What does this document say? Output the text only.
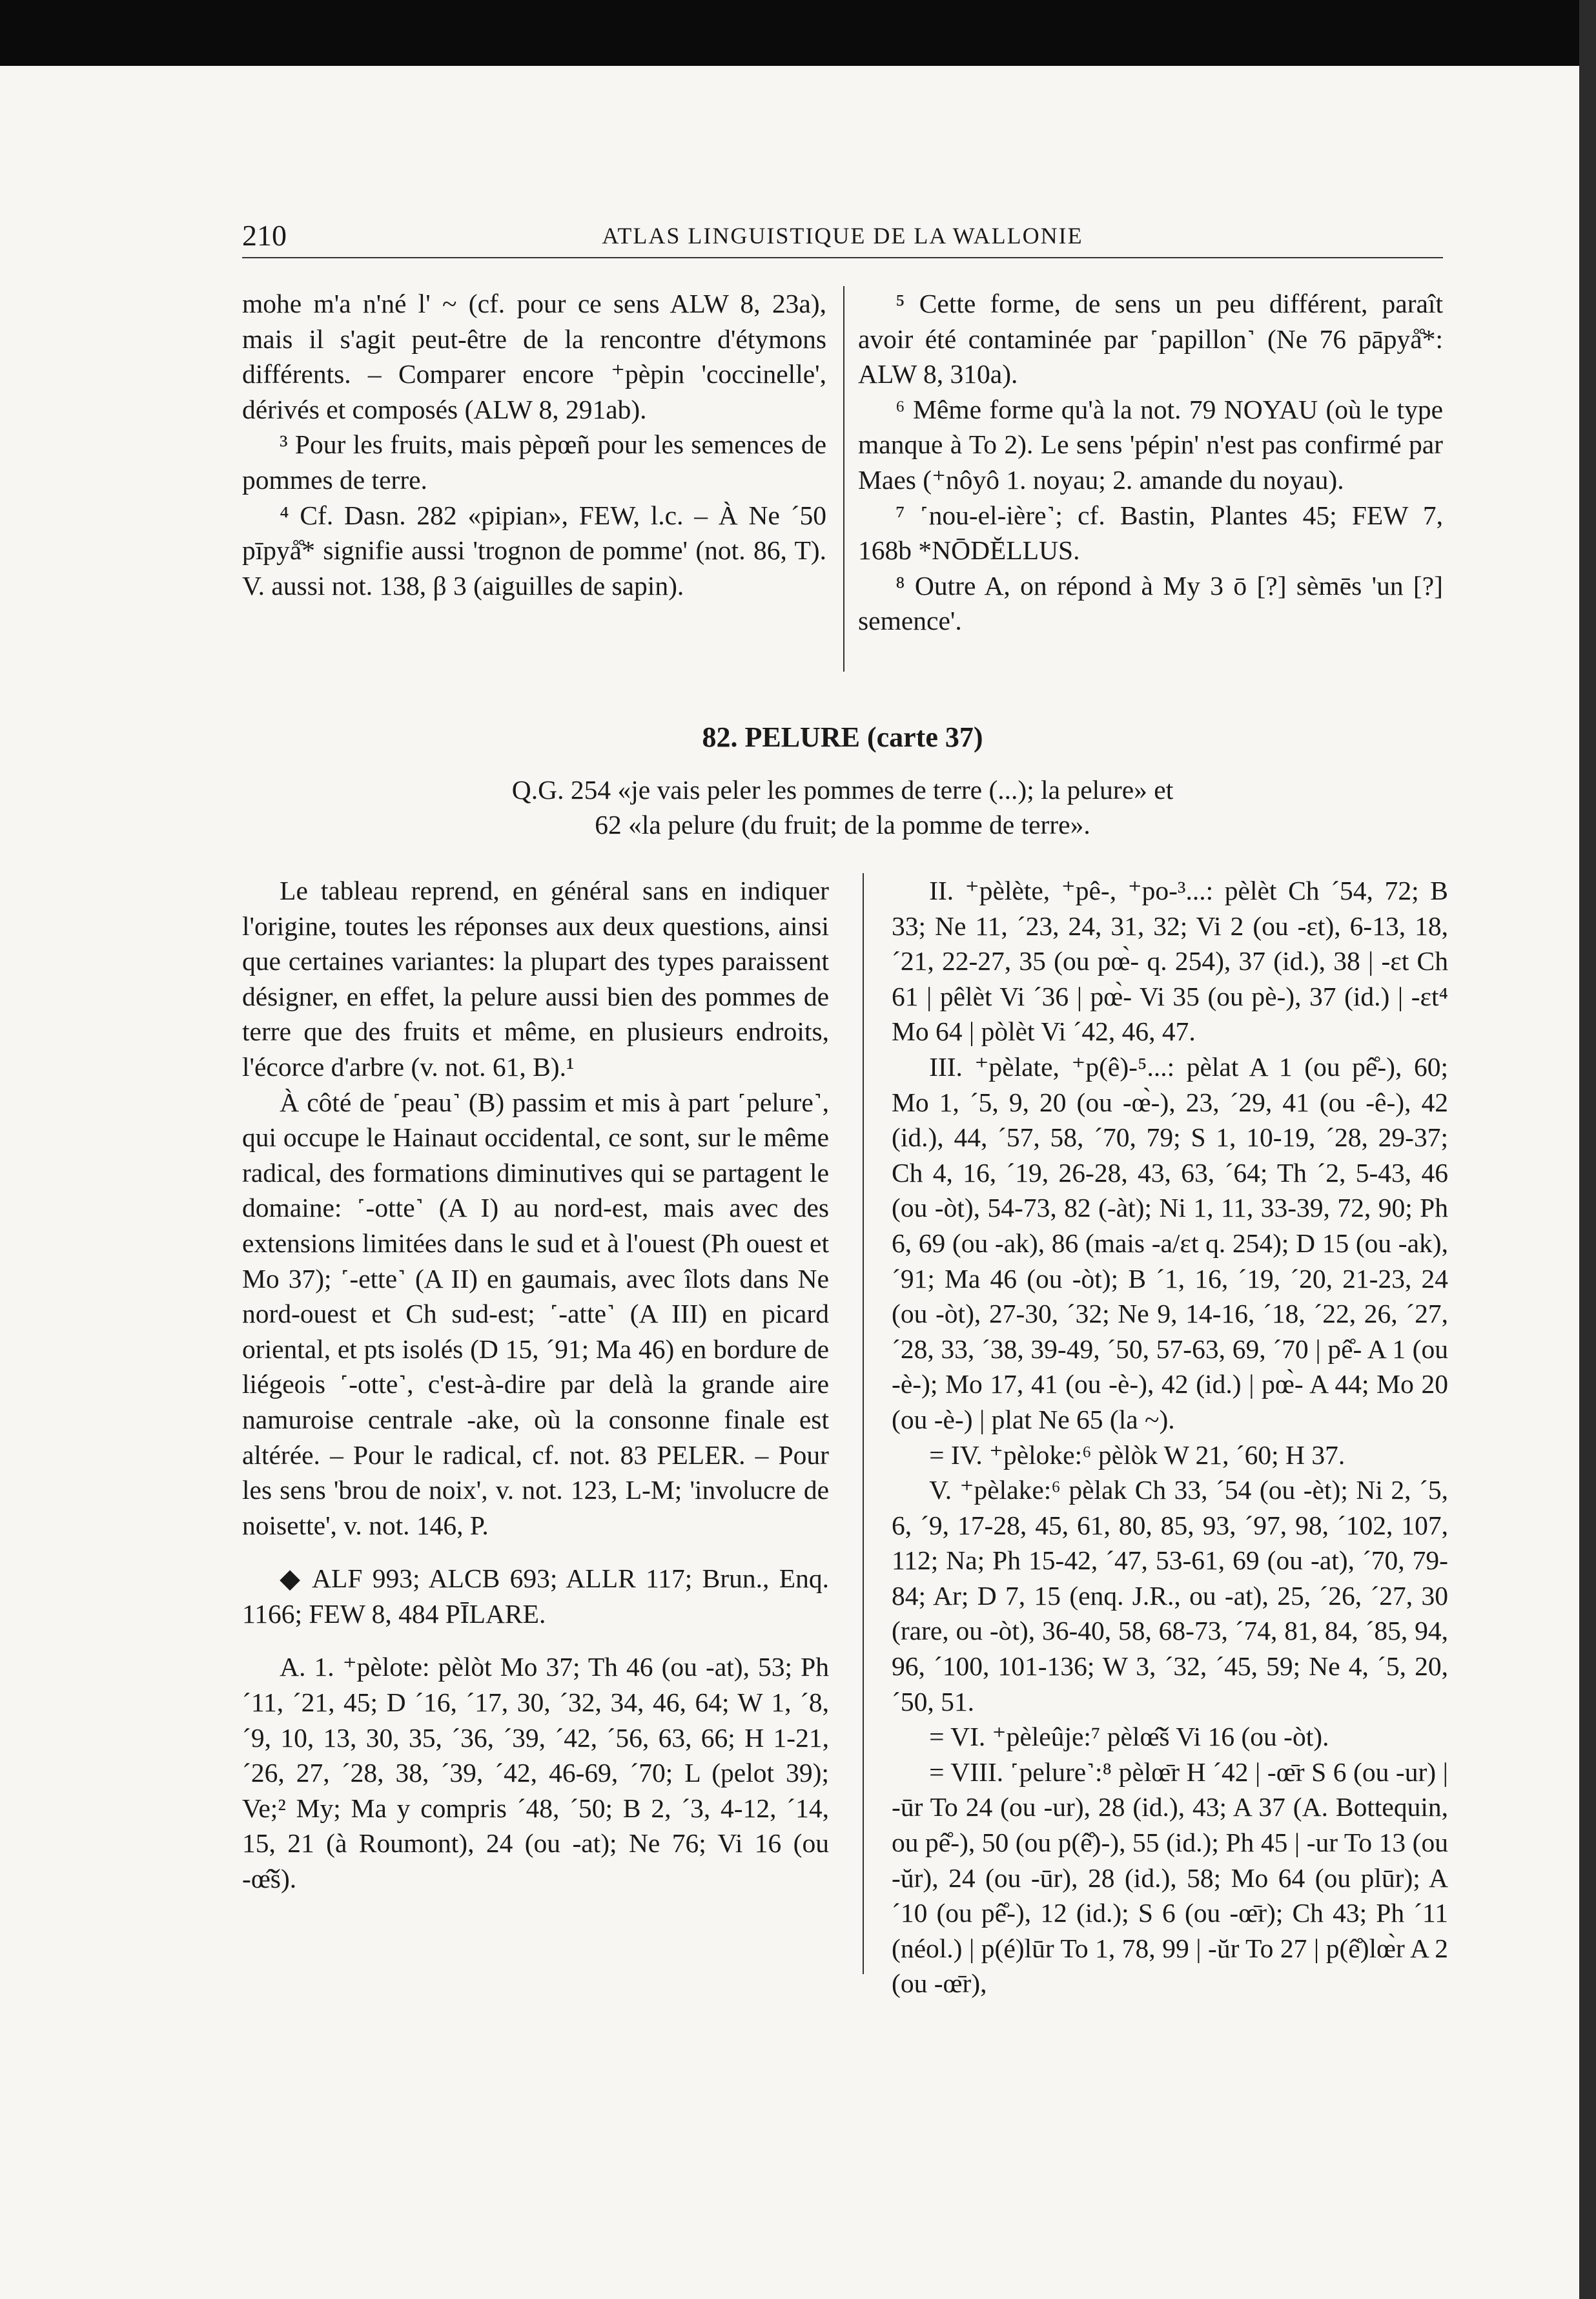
210	ATLAS LINGUISTIQUE DE LA WALLONIE

mohe m'a n'né l' ~ (cf. pour ce sens ALW 8, 23a), mais il s'agit peut-être de la rencontre d'étymons différents. – Comparer encore ⁺pèpin 'coccinelle', dérivés et composés (ALW 8, 291ab).

³ Pour les fruits, mais pèpœñ pour les semences de pommes de terre.

⁴ Cf. Dasn. 282 «pipian», FEW, l.c. – À Ne ´50 pīpyå̊* signifie aussi 'trognon de pomme' (not. 86, T). V. aussi not. 138, β 3 (aiguilles de sapin).

⁵ Cette forme, de sens un peu différent, paraît avoir été contaminée par ˹papillon˺ (Ne 76 pāpyå̊*: ALW 8, 310a).

⁶ Même forme qu'à la not. 79 NOYAU (où le type manque à To 2). Le sens 'pépin' n'est pas confirmé par Maes (⁺nôyô 1. noyau; 2. amande du noyau).

⁷ ˹nou-el-ière˺; cf. Bastin, Plantes 45; FEW 7, 168b *NŌDĔLLUS.

⁸ Outre A, on répond à My 3 ō [?] sèmēs 'un [?] semence'.

82. PELURE (carte 37)
Q.G. 254 «je vais peler les pommes de terre (...); la pelure» et
62 «la pelure (du fruit; de la pomme de terre».

Le tableau reprend, en général sans en indiquer l'origine, toutes les réponses aux deux questions, ainsi que certaines variantes: la plupart des types paraissent désigner, en effet, la pelure aussi bien des pommes de terre que des fruits et même, en plusieurs endroits, l'écorce d'arbre (v. not. 61, B).¹

À côté de ˹peau˺ (B) passim et mis à part ˹pelure˺, qui occupe le Hainaut occidental, ce sont, sur le même radical, des formations diminutives qui se partagent le domaine: ˹-otte˺ (A I) au nord-est, mais avec des extensions limitées dans le sud et à l'ouest (Ph ouest et Mo 37); ˹-ette˺ (A II) en gaumais, avec îlots dans Ne nord-ouest et Ch sud-est; ˹-atte˺ (A III) en picard oriental, et pts isolés (D 15, ´91; Ma 46) en bordure de liégeois ˹-otte˺, c'est-à-dire par delà la grande aire namuroise centrale -ake, où la consonne finale est altérée. – Pour le radical, cf. not. 83 PELER. – Pour les sens 'brou de noix', v. not. 123, L-M; 'involucre de noisette', v. not. 146, P.

◆ ALF 993; ALCB 693; ALLR 117; Brun., Enq. 1166; FEW 8, 484 PĪLARE.

A. 1. ⁺pèlote: pèlòt Mo 37; Th 46 (ou -at), 53; Ph ´11, ´21, 45; D ´16, ´17, 30, ´32, 34, 46, 64; W 1, ´8, ´9, 10, 13, 30, 35, ´36, ´39, ´42, ´56, 63, 66; H 1-21, ´26, 27, ´28, 38, ´39, ´42, 46-69, ´70; L (pelot 39); Ve;² My; Ma y compris ´48, ´50; B 2, ´3, 4-12, ´14, 15, 21 (à Roumont), 24 (ou -at); Ne 76; Vi 16 (ou -œ̂š).

II. ⁺pèlète, ⁺pê-, ⁺po-³...: pèlèt Ch ´54, 72; B 33; Ne 11, ´23, 24, 31, 32; Vi 2 (ou -ɛt), 6-13, 18, ´21, 22-27, 35 (ou pœ̀- q. 254), 37 (id.), 38 | -ɛt Ch 61 | pêlèt Vi ´36 | pœ̀- Vi 35 (ou pè-), 37 (id.) | -ɛt⁴ Mo 64 | pòlèt Vi ´42, 46, 47.

III. ⁺pèlate, ⁺p(ê)-⁵...: pèlat A 1 (ou pê̊-), 60; Mo 1, ´5, 9, 20 (ou -œ̀-), 23, ´29, 41 (ou -ê-), 42 (id.), 44, ´57, 58, ´70, 79; S 1, 10-19, ´28, 29-37; Ch 4, 16, ´19, 26-28, 43, 63, ´64; Th ´2, 5-43, 46 (ou -òt), 54-73, 82 (-àt); Ni 1, 11, 33-39, 72, 90; Ph 6, 69 (ou -ak), 86 (mais -a/ɛt q. 254); D 15 (ou -ak), ´91; Ma 46 (ou -òt); B ´1, 16, ´19, ´20, 21-23, 24 (ou -òt), 27-30, ´32; Ne 9, 14-16, ´18, ´22, 26, ´27, ´28, 33, ´38, 39-49, ´50, 57-63, 69, ´70 | pê̊- A 1 (ou -è-); Mo 17, 41 (ou -è-), 42 (id.) | pœ̀- A 44; Mo 20 (ou -è-) | plat Ne 65 (la ~).

= IV. ⁺pèloke:⁶ pèlòk W 21, ´60; H 37.

V. ⁺pèlake:⁶ pèlak Ch 33, ´54 (ou -èt); Ni 2, ´5, 6, ´9, 17-28, 45, 61, 80, 85, 93, ´97, 98, ´102, 107, 112; Na; Ph 15-42, ´47, 53-61, 69 (ou -at), ´70, 79-84; Ar; D 7, 15 (enq. J.R., ou -at), 25, ´26, ´27, 30 (rare, ou -òt), 36-40, 58, 68-73, ´74, 81, 84, ´85, 94, 96, ´100, 101-136; W 3, ´32, ´45, 59; Ne 4, ´5, 20, ´50, 51.

= VI. ⁺pèleûje:⁷ pèlœ̂š Vi 16 (ou -òt).

= VIII. ˹pelure˺:⁸ pèlœ̄r H ´42 | -œ̄r S 6 (ou -ur) | -ūr To 24 (ou -ur), 28 (id.), 43; A 37 (A. Bottequin, ou pê̊-), 50 (ou p(ê̊)-), 55 (id.); Ph 45 | -ur To 13 (ou -ŭr), 24 (ou -ūr), 28 (id.), 58; Mo 64 (ou plūr); A ´10 (ou pê̊-), 12 (id.); S 6 (ou -œ̄r); Ch 43; Ph ´11 (néol.) | p(é)lūr To 1, 78, 99 | -ŭr To 27 | p(ê̊)lœ̀r A 2 (ou -œ̄r),
